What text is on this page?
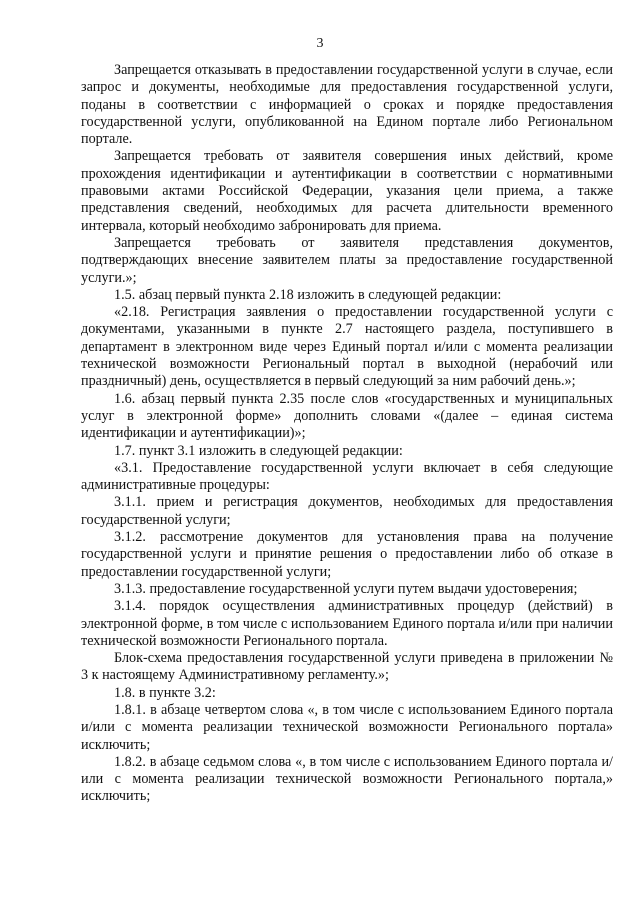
3

Запрещается отказывать в предоставлении государственной услуги в случае, если запрос и документы, необходимые для предоставления государственной услуги, поданы в соответствии с информацией о сроках и порядке предоставления государственной услуги, опубликованной на Едином портале либо Региональном портале.

Запрещается требовать от заявителя совершения иных действий, кроме прохождения идентификации и аутентификации в соответствии с нормативными правовыми актами Российской Федерации, указания цели приема, а также представления сведений, необходимых для расчета длительности временного интервала, который необходимо забронировать для приема.

Запрещается требовать от заявителя представления документов, подтверждающих внесение заявителем платы за предоставление государственной услуги.»;

1.5. абзац первый пункта 2.18 изложить в следующей редакции:

«2.18. Регистрация заявления о предоставлении государственной услуги с документами, указанными в пункте 2.7 настоящего раздела, поступившего в департамент в электронном виде через Единый портал и/или с момента реализации технической возможности Региональный портал в выходной (нерабочий или праздничный) день, осуществляется в первый следующий за ним рабочий день.»;

1.6. абзац первый пункта 2.35 после слов «государственных и муниципальных услуг в электронной форме» дополнить словами «(далее – единая система идентификации и аутентификации)»;

1.7. пункт 3.1 изложить в следующей редакции:

«3.1. Предоставление государственной услуги включает в себя следующие административные процедуры:

3.1.1. прием и регистрация документов, необходимых для предоставления государственной услуги;

3.1.2. рассмотрение документов для установления права на получение государственной услуги и принятие решения о предоставлении либо об отказе в предоставлении государственной услуги;

3.1.3. предоставление государственной услуги путем выдачи удостоверения;

3.1.4. порядок осуществления административных процедур (действий) в электронной форме, в том числе с использованием Единого портала и/или при наличии технической возможности Регионального портала.

Блок-схема предоставления государственной услуги приведена в приложении № 3 к настоящему Административному регламенту.»;

1.8. в пункте 3.2:

1.8.1. в абзаце четвертом слова «, в том числе с использованием Единого портала и/или с момента реализации технической возможности Регионального портала» исключить;

1.8.2. в абзаце седьмом слова «, в том числе с использованием Единого портала и/или с момента реализации технической возможности Регионального портала,» исключить;
